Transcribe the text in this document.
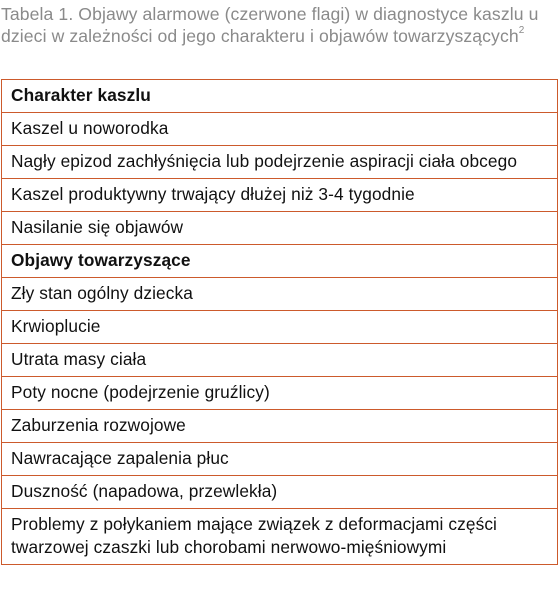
Tabela 1. Objawy alarmowe (czerwone flagi) w diagnostyce kaszlu u dzieci w zależności od jego charakteru i objawów towarzyszących$^2$
Charakter kaszlu
Kaszel u noworodka
Nagły epizod zachłyśnięcia lub podejrzenie aspiracji ciała obcego
Kaszel produktywny trwający dłużej niż 3-4 tygodnie
Nasilanie się objawów
Objawy towarzyszące
Zły stan ogólny dziecka
Krwioplucie
Utrata masy ciała
Poty nocne (podejrzenie gruźlicy)
Zaburzenia rozwojowe
Nawracające zapalenia płuc
Duszność (napadowa, przewlekła)
Problemy z połykaniem mające związek z deformacjami części twarzowej czaszki lub chorobami nerwowo-mięśniowymi
